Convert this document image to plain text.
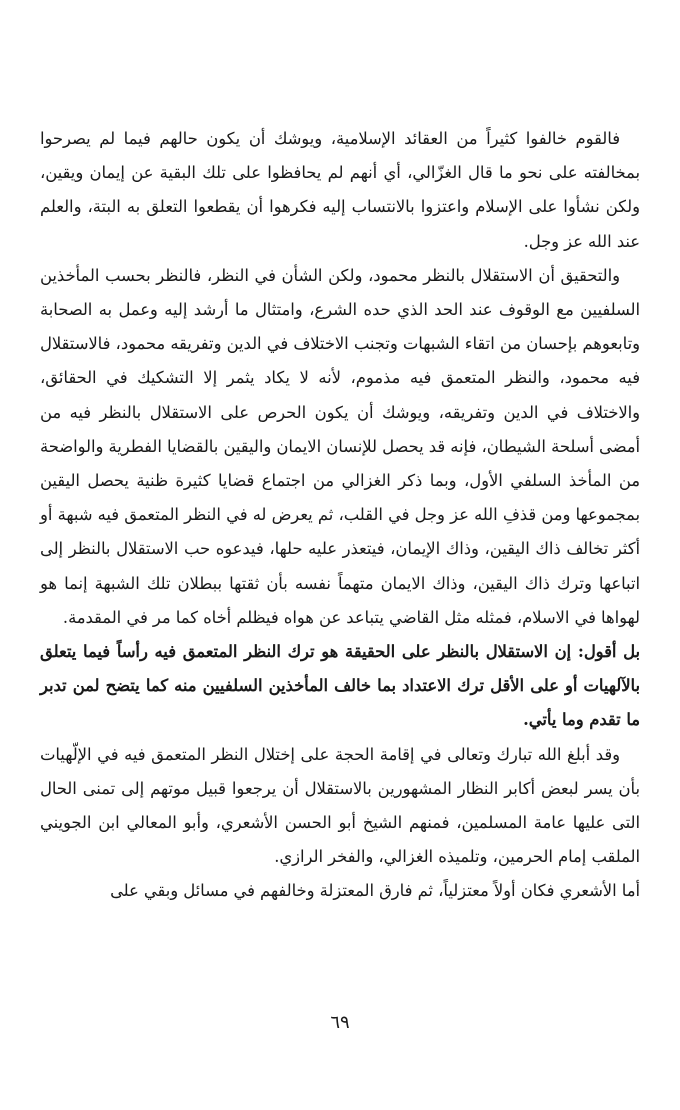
فالقوم خالفوا كثيراً من العقائد الإسلامية، ويوشك أن يكون حالهم فيما لم يصرحوا بمخالفته على نحو ما قال الغزّالي، أي أنهم لم يحافظوا على تلك البقية عن إيمان ويقين، ولكن نشأوا على الإسلام واعتزوا بالانتساب إليه فكرهوا أن يقطعوا التعلق به البتة، والعلم عند الله عز وجل.

والتحقيق أن الاستقلال بالنظر محمود، ولكن الشأن في النظر، فالنظر بحسب المأخذين السلفيين مع الوقوف عند الحد الذي حده الشرع، وامتثال ما أرشد إليه وعمل به الصحابة وتابعوهم بإحسان من اتقاء الشبهات وتجنب الاختلاف في الدين وتفريقه محمود، فالاستقلال فيه محمود، والنظر المتعمق فيه مذموم، لأنه لا يكاد يثمر إلا التشكيك في الحقائق، والاختلاف في الدين وتفريقه، ويوشك أن يكون الحرص على الاستقلال بالنظر فيه من أمضى أسلحة الشيطان، فإنه قد يحصل للإنسان الايمان واليقين بالقضايا الفطرية والواضحة من المأخذ السلفي الأول، وبما ذكر الغزالي من اجتماع قضايا كثيرة ظنية يحصل اليقين بمجموعها ومن قذفِ الله عز وجل في القلب، ثم يعرض له في النظر المتعمق فيه شبهة أو أكثر تخالف ذاك اليقين، وذاك الإيمان، فيتعذر عليه حلها، فيدعوه حب الاستقلال بالنظر إلى اتباعها وترك ذاك اليقين، وذاك الايمان متهماً نفسه بأن ثقتها ببطلان تلك الشبهة إنما هو لهواها في الاسلام، فمثله مثل القاضي يتباعد عن هواه فيظلم أخاه كما مر في المقدمة.

بل أقول: إن الاستقلال بالنظر على الحقيقة هو ترك النظر المتعمق فيه رأساً فيما يتعلق بالآلهيات أو على الأقل ترك الاعتداد بما خالف المأخذين السلفيين منه كما يتضح لمن تدبر ما تقدم وما يأتي.

وقد أبلغ الله تبارك وتعالى في إقامة الحجة على إختلال النظر المتعمق فيه في الإلّهيات بأن يسر لبعض أكابر النظار المشهورين بالاستقلال أن يرجعوا قبيل موتهم إلى تمنى الحال التى عليها عامة المسلمين، فمنهم الشيخ أبو الحسن الأشعري، وأبو المعالي ابن الجويني الملقب إمام الحرمين، وتلميذه الغزالي، والفخر الرازي.

أما الأشعري فكان أولاً معتزلياً، ثم فارق المعتزلة وخالفهم في مسائل وبقي على

٦٩
